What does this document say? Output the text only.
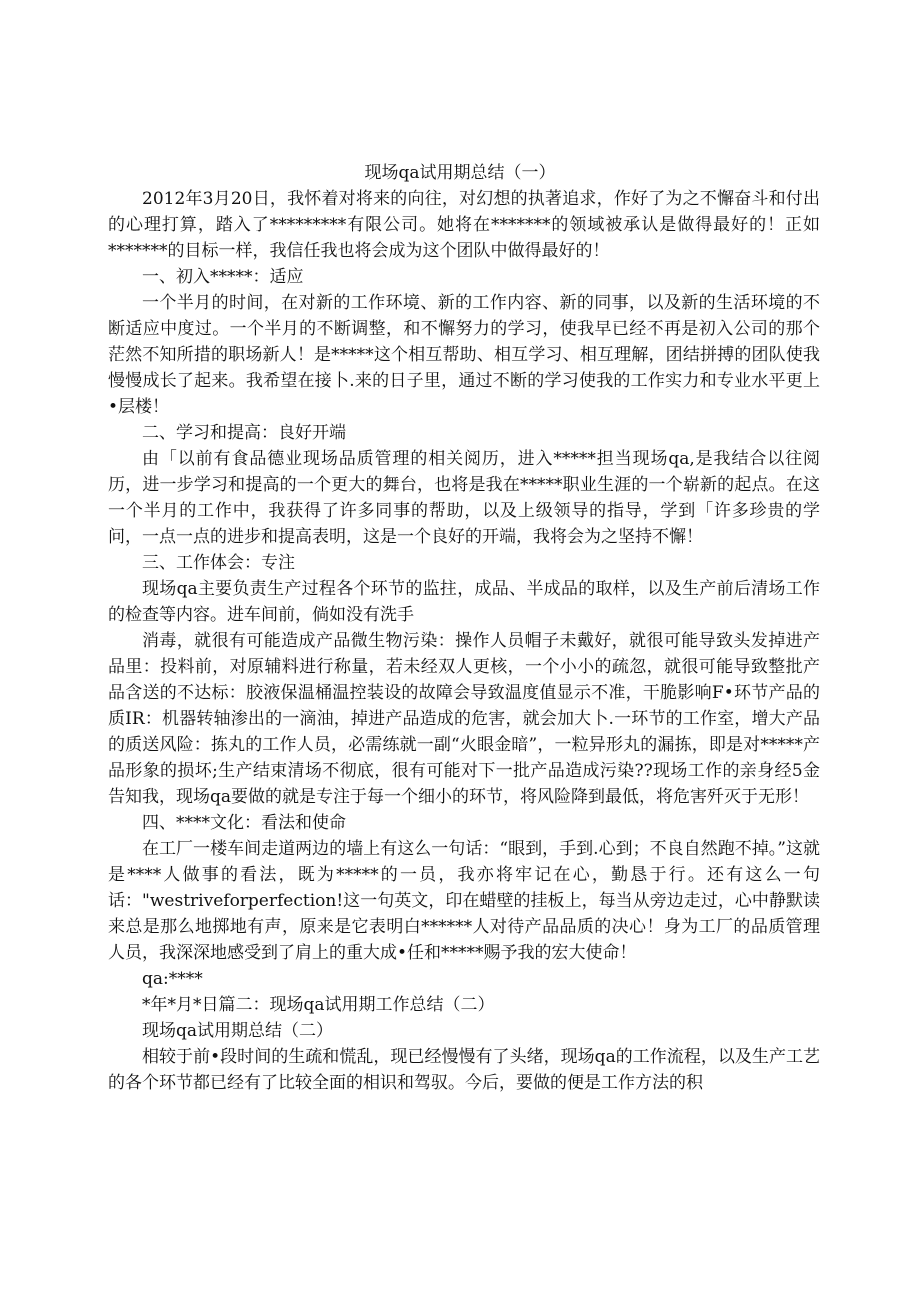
现场qa试用期总结（一）

2012年3月20日，我怀着对将来的向往，对幻想的执著追求，作好了为之不懈奋斗和付出的心理打算，踏入了*********有限公司。她将在*******的领域被承认是做得最好的！正如*******的目标一样，我信任我也将会成为这个团队中做得最好的！

一、初入*****：适应

一个半月的时间，在对新的工作环境、新的工作内容、新的同事，以及新的生活环境的不断适应中度过。一个半月的不断调整，和不懈努力的学习，使我早已经不再是初入公司的那个茫然不知所措的职场新人！是*****这个相互帮助、相互学习、相互理解，团结拼搏的团队使我慢慢成长了起来。我希望在接卜.来的日子里，通过不断的学习使我的工作实力和专业水平更上•层楼！

二、学习和提高：良好开端

由「以前有食品德业现场品质管理的相关阅历，进入*****担当现场qa,是我结合以往阅历，进一步学习和提高的一个更大的舞台，也将是我在*****职业生涯的一个崭新的起点。在这一个半月的工作中，我获得了许多同事的帮助，以及上级领导的指导，学到「许多珍贵的学问，一点一点的进步和提高表明，这是一个良好的开端，我将会为之坚持不懈！

三、工作体会：专注

现场qa主要负责生产过程各个环节的监拄，成品、半成品的取样，以及生产前后清场工作的检查等内容。进车间前，倘如没有洗手

消毒，就很有可能造成产品微生物污染：操作人员帽子未戴好，就很可能导致头发掉进产品里：投料前，对原辅料进行称量，若未经双人更核，一个小小的疏忽，就很可能导致整批产品含送的不达标：胶液保温桶温控装设的故障会导致温度值显示不准，干脆影响F•环节产品的质IR：机器转轴渗出的一滴油，掉进产品造成的危害，就会加大卜.一环节的工作室，增大产品的质送风险：拣丸的工作人员，必需练就一副“火眼金暗”，一粒异形丸的漏拣，即是对*****产品形象的损坏;生产结束清场不彻底，很有可能对下一批产品造成污染??现场工作的亲身经5金告知我，现场qa要做的就是专注于每一个细小的环节，将风险降到最低，将危害歼灭于无形！

四、****文化：看法和使命

在工厂一楼车间走道两边的墙上有这么一句话：“眼到，手到.心到；不良自然跑不掉。”这就是****人做事的看法，既为*****的一员，我亦将牢记在心，勤恳于行。还有这么一句话："westriveforperfection!这一句英文，印在蜡壁的挂板上，每当从旁边走过，心中静默读来总是那么地掷地有声，原来是它表明白******人对待产品品质的决心！身为工厂的品质管理人员，我深深地感受到了肩上的重大成•任和*****赐予我的宏大使命！

qa:****

*年*月*日篇二：现场qa试用期工作总结（二）

现场qa试用期总结（二）

相较于前•段时间的生疏和慌乱，现已经慢慢有了头绪，现场qa的工作流程，以及生产工艺的各个环节都已经有了比较全面的相识和驾驭。今后，要做的便是工作方法的积
